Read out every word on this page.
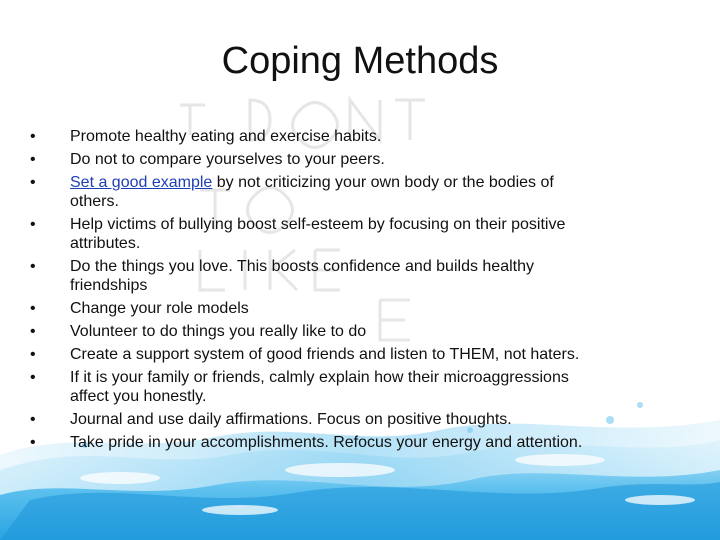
Coping Methods
•	Promote healthy eating and exercise habits.
•	Do not to compare yourselves to your peers.
•	Set a good example by not criticizing your own body or the bodies of
others.
•	Help victims of bullying boost self-esteem by focusing on their positive
attributes.
•	Do the things you love. This boosts confidence and builds healthy
friendships
•	Change your role models
•	Volunteer to do things you really like to do
•	Create a support system of good friends and listen to THEM, not haters.
•	If it is your family or friends, calmly explain how their microaggressions
affect you honestly.
•	Journal and use daily affirmations. Focus on positive thoughts.
•	Take pride in your accomplishments. Refocus your energy and attention.
